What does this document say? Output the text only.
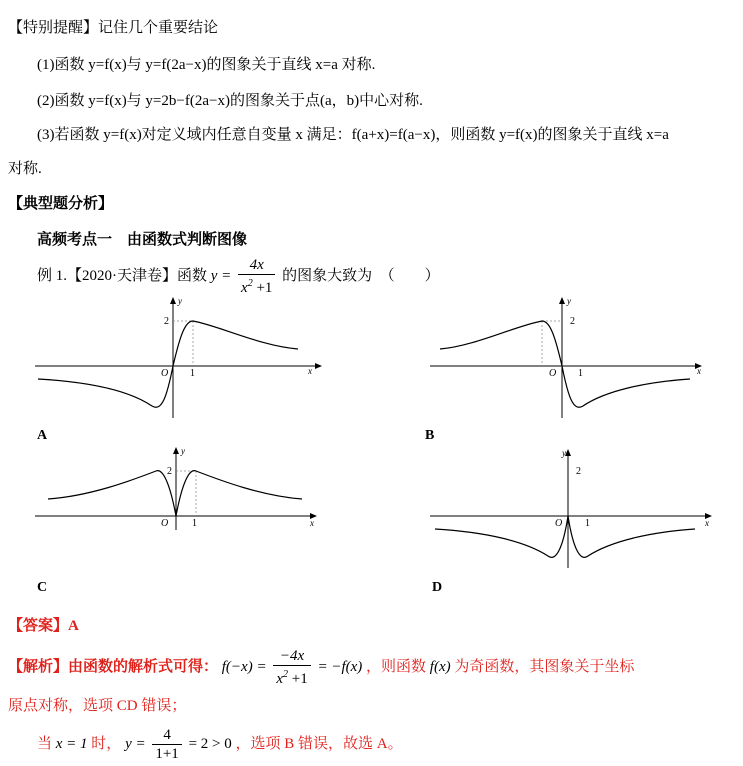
【特别提醒】记住几个重要结论
(1)函数 y=f(x)与 y=f(2a−x)的图象关于直线 x=a 对称.
(2)函数 y=f(x)与 y=2b−f(2a−x)的图象关于点(a，b)中心对称.
(3)若函数 y=f(x)对定义域内任意自变量 x 满足：f(a+x)=f(a−x)，则函数 y=f(x)的图象关于直线 x=a
对称.
【典型题分析】
高频考点一　由函数式判断图像
例 1.【2020·天津卷】函数 $y = \frac{4x}{x^2 +1}$ 的图象大致为　（　　）
y
x
O 1
2
A
y
x
O 1
2
B
y
x
O 1
2
C
y
x
O 1
2
D
【答案】A
【解析】由函数的解析式可得： $f(-x) = \frac{-4x}{x^2 +1} = -f(x)$ ，则函数 f(x) 为奇函数，其图象关于坐标
原点对称，选项 CD 错误；
当 x = 1 时， $y = \frac{4}{1+1} = 2 > 0$ ，选项 B 错误，故选 A。
